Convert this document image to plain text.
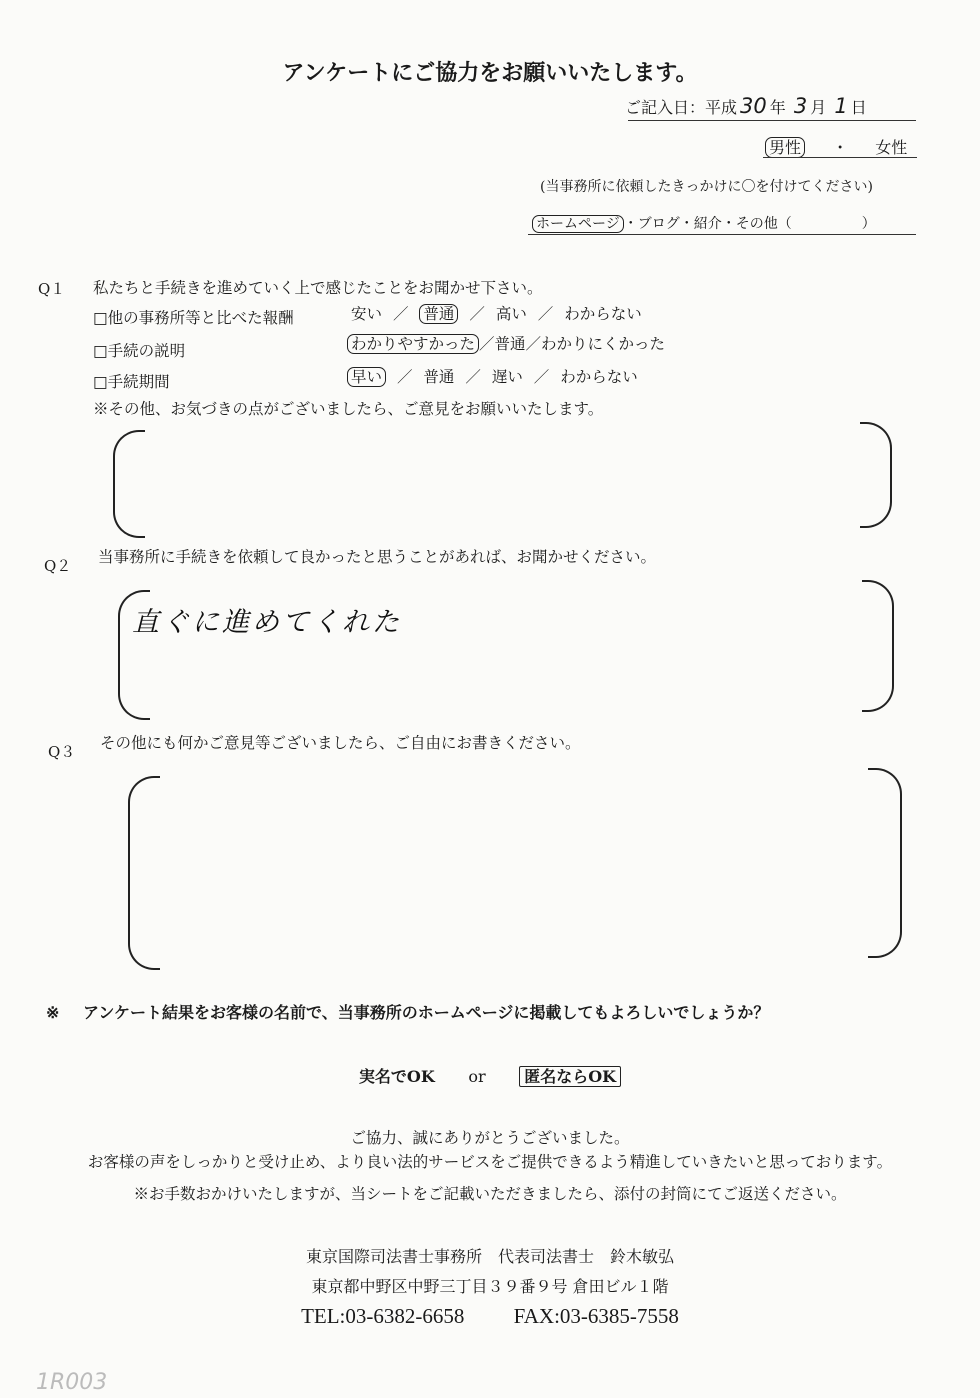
アンケートにご協力をお願いいたします。
ご記入日：平成 30 年 3 月 1 日
男性 ・ 女性
(当事務所に依頼したきっかけに〇を付けてください)
ホームページ ・ブログ・紹介・その他（　　　　　）
Q１ 私たちと手続きを進めていく上で感じたことをお聞かせ下さい。
□他の事務所等と比べた報酬	安い ／ 普通 ／ 高い ／ わからない
□手続の説明	わかりやすかった ／普通／わかりにくかった
□手続期間	早い ／ 普通 ／ 遅い ／ わからない
※その他、お気づきの点がございましたら、ご意見をお願いいたします。
Q２ 当事務所に手続きを依頼して良かったと思うことがあれば、お聞かせください。
直ぐに進めてくれた
Q３ その他にも何かご意見等ございましたら、ご自由にお書きください。
※ アンケート結果をお客様の名前で、当事務所のホームページに掲載してもよろしいでしょうか？
実名でOK or 匿名ならOK
ご協力、誠にありがとうございました。
お客様の声をしっかりと受け止め、より良い法的サービスをご提供できるよう精進していきたいと思っております。
※お手数おかけいたしますが、当シートをご記載いただきましたら、添付の封筒にてご返送ください。
東京国際司法書士事務所　代表司法書士　鈴木敏弘
東京都中野区中野三丁目３９番９号 倉田ビル１階
TEL:03-6382-6658 FAX:03-6385-7558
1R003
